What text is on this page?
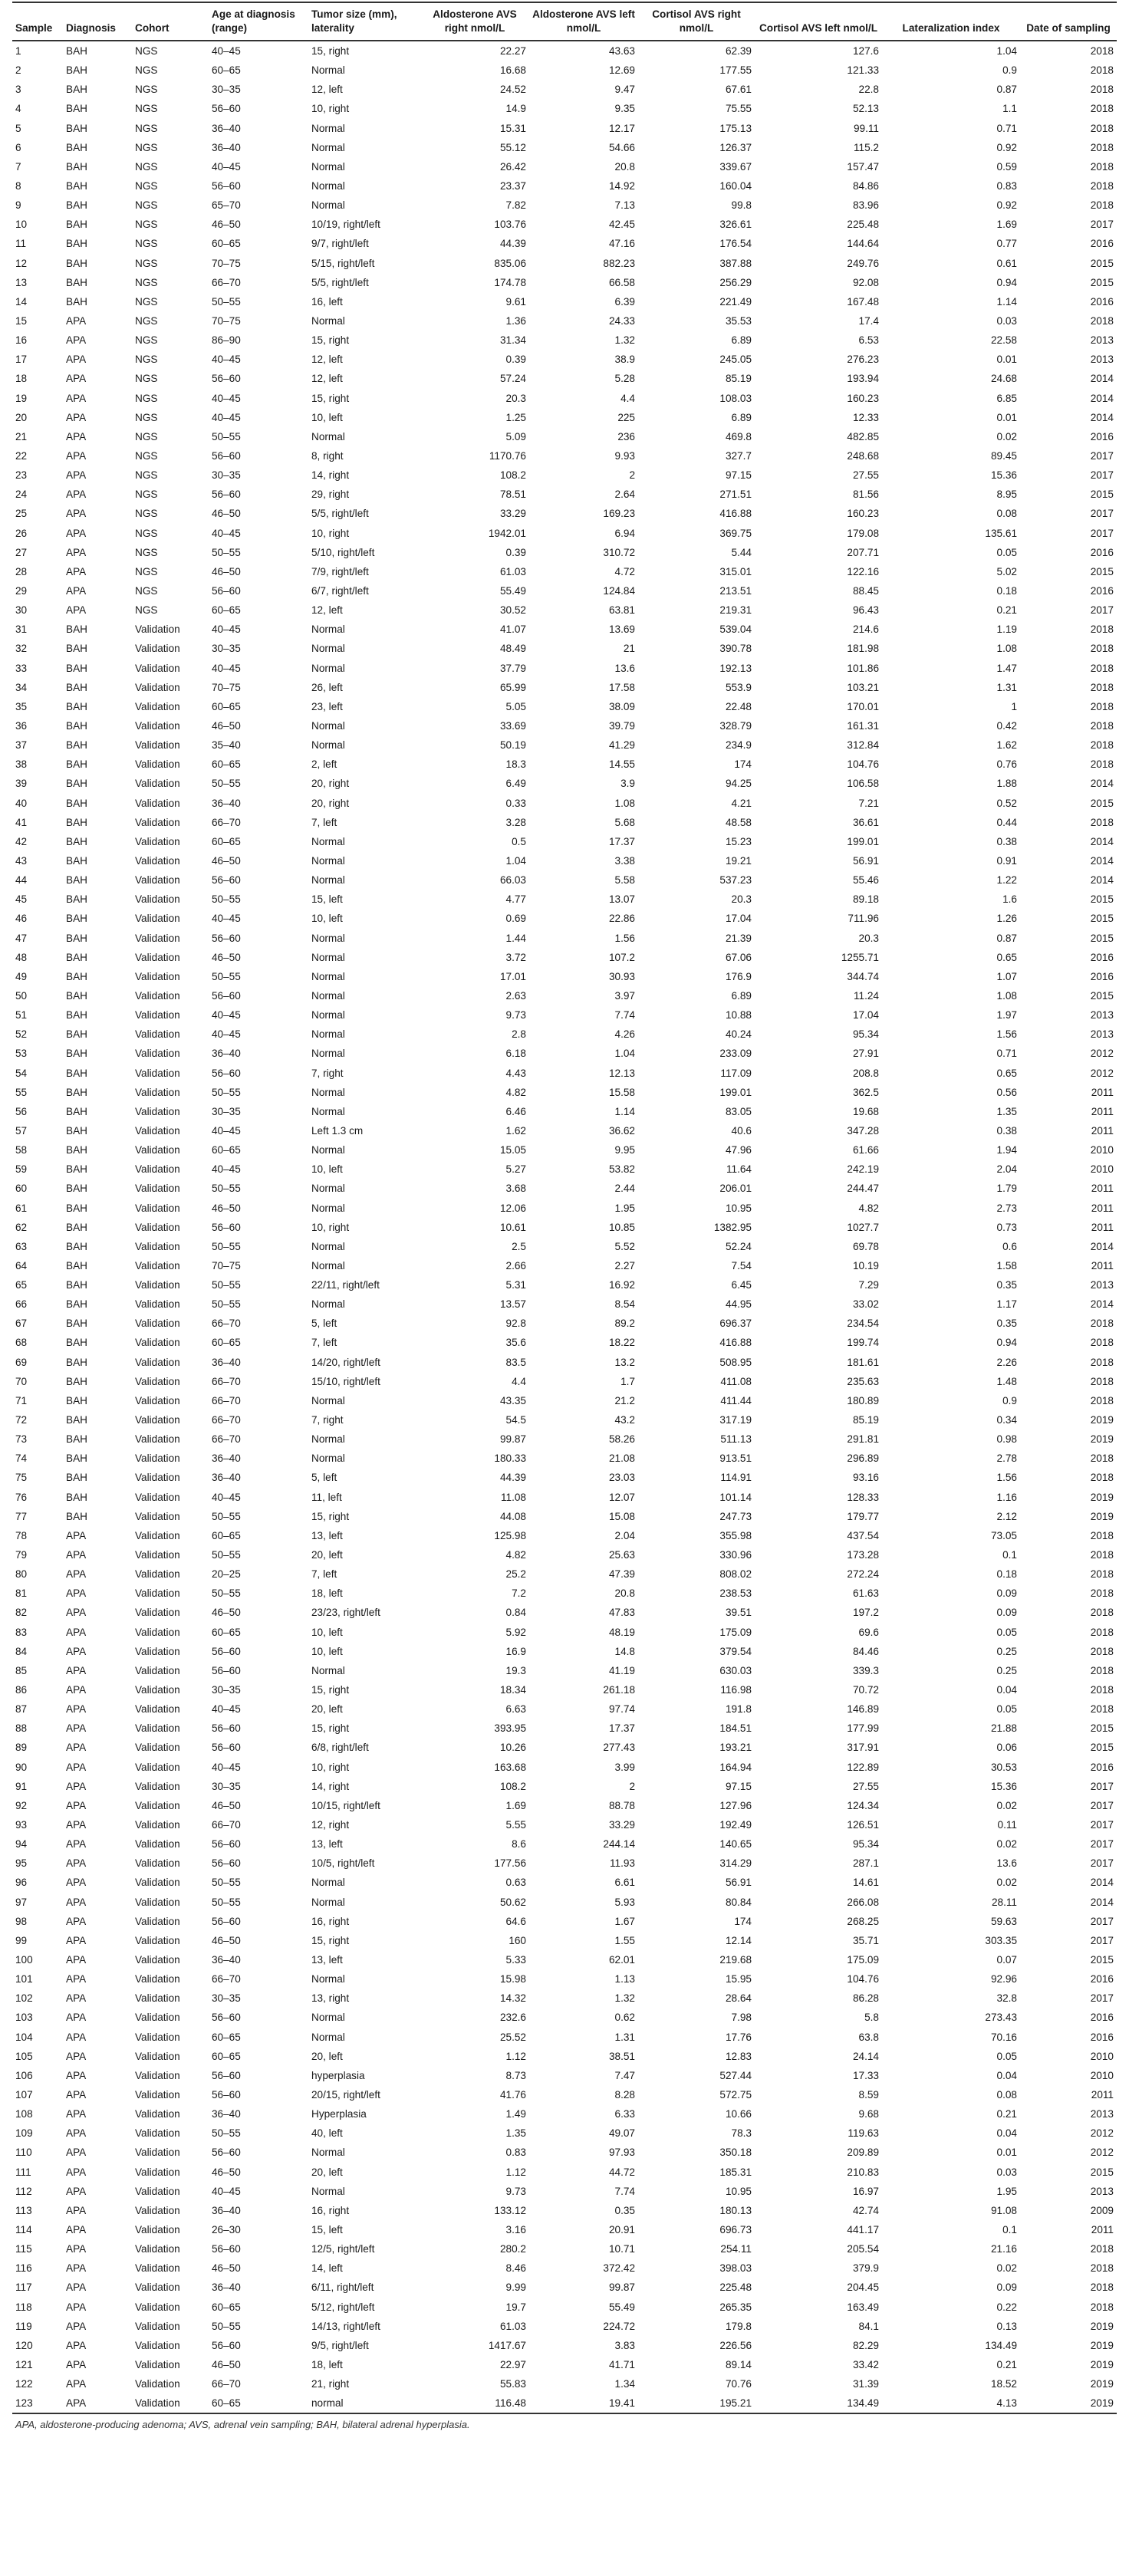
Sample	Diagnosis	Cohort	Age at diagnosis (range)	Tumor size (mm), laterality	Aldosterone AVS right nmol/L	Aldosterone AVS left nmol/L	Cortisol AVS right nmol/L	Cortisol AVS left nmol/L	Lateralization index	Date of sampling
1	BAH	NGS	40–45	15, right	22.27	43.63	62.39	127.6	1.04	2018
2	BAH	NGS	60–65	Normal	16.68	12.69	177.55	121.33	0.9	2018
3	BAH	NGS	30–35	12, left	24.52	9.47	67.61	22.8	0.87	2018
4	BAH	NGS	56–60	10, right	14.9	9.35	75.55	52.13	1.1	2018
5	BAH	NGS	36–40	Normal	15.31	12.17	175.13	99.11	0.71	2018
6	BAH	NGS	36–40	Normal	55.12	54.66	126.37	115.2	0.92	2018
7	BAH	NGS	40–45	Normal	26.42	20.8	339.67	157.47	0.59	2018
8	BAH	NGS	56–60	Normal	23.37	14.92	160.04	84.86	0.83	2018
9	BAH	NGS	65–70	Normal	7.82	7.13	99.8	83.96	0.92	2018
10	BAH	NGS	46–50	10/19, right/left	103.76	42.45	326.61	225.48	1.69	2017
11	BAH	NGS	60–65	9/7, right/left	44.39	47.16	176.54	144.64	0.77	2016
12	BAH	NGS	70–75	5/15, right/left	835.06	882.23	387.88	249.76	0.61	2015
13	BAH	NGS	66–70	5/5, right/left	174.78	66.58	256.29	92.08	0.94	2015
14	BAH	NGS	50–55	16, left	9.61	6.39	221.49	167.48	1.14	2016
15	APA	NGS	70–75	Normal	1.36	24.33	35.53	17.4	0.03	2018
16	APA	NGS	86–90	15, right	31.34	1.32	6.89	6.53	22.58	2013
17	APA	NGS	40–45	12, left	0.39	38.9	245.05	276.23	0.01	2013
18	APA	NGS	56–60	12, left	57.24	5.28	85.19	193.94	24.68	2014
19	APA	NGS	40–45	15, right	20.3	4.4	108.03	160.23	6.85	2014
20	APA	NGS	40–45	10, left	1.25	225	6.89	12.33	0.01	2014
21	APA	NGS	50–55	Normal	5.09	236	469.8	482.85	0.02	2016
22	APA	NGS	56–60	8, right	1170.76	9.93	327.7	248.68	89.45	2017
23	APA	NGS	30–35	14, right	108.2	2	97.15	27.55	15.36	2017
24	APA	NGS	56–60	29, right	78.51	2.64	271.51	81.56	8.95	2015
25	APA	NGS	46–50	5/5, right/left	33.29	169.23	416.88	160.23	0.08	2017
26	APA	NGS	40–45	10, right	1942.01	6.94	369.75	179.08	135.61	2017
27	APA	NGS	50–55	5/10, right/left	0.39	310.72	5.44	207.71	0.05	2016
28	APA	NGS	46–50	7/9, right/left	61.03	4.72	315.01	122.16	5.02	2015
29	APA	NGS	56–60	6/7, right/left	55.49	124.84	213.51	88.45	0.18	2016
30	APA	NGS	60–65	12, left	30.52	63.81	219.31	96.43	0.21	2017
31	BAH	Validation	40–45	Normal	41.07	13.69	539.04	214.6	1.19	2018
32	BAH	Validation	30–35	Normal	48.49	21	390.78	181.98	1.08	2018
33	BAH	Validation	40–45	Normal	37.79	13.6	192.13	101.86	1.47	2018
34	BAH	Validation	70–75	26, left	65.99	17.58	553.9	103.21	1.31	2018
35	BAH	Validation	60–65	23, left	5.05	38.09	22.48	170.01	1	2018
36	BAH	Validation	46–50	Normal	33.69	39.79	328.79	161.31	0.42	2018
37	BAH	Validation	35–40	Normal	50.19	41.29	234.9	312.84	1.62	2018
38	BAH	Validation	60–65	2, left	18.3	14.55	174	104.76	0.76	2018
39	BAH	Validation	50–55	20, right	6.49	3.9	94.25	106.58	1.88	2014
40	BAH	Validation	36–40	20, right	0.33	1.08	4.21	7.21	0.52	2015
41	BAH	Validation	66–70	7, left	3.28	5.68	48.58	36.61	0.44	2018
42	BAH	Validation	60–65	Normal	0.5	17.37	15.23	199.01	0.38	2014
43	BAH	Validation	46–50	Normal	1.04	3.38	19.21	56.91	0.91	2014
44	BAH	Validation	56–60	Normal	66.03	5.58	537.23	55.46	1.22	2014
45	BAH	Validation	50–55	15, left	4.77	13.07	20.3	89.18	1.6	2015
46	BAH	Validation	40–45	10, left	0.69	22.86	17.04	711.96	1.26	2015
47	BAH	Validation	56–60	Normal	1.44	1.56	21.39	20.3	0.87	2015
48	BAH	Validation	46–50	Normal	3.72	107.2	67.06	1255.71	0.65	2016
49	BAH	Validation	50–55	Normal	17.01	30.93	176.9	344.74	1.07	2016
50	BAH	Validation	56–60	Normal	2.63	3.97	6.89	11.24	1.08	2015
51	BAH	Validation	40–45	Normal	9.73	7.74	10.88	17.04	1.97	2013
52	BAH	Validation	40–45	Normal	2.8	4.26	40.24	95.34	1.56	2013
53	BAH	Validation	36–40	Normal	6.18	1.04	233.09	27.91	0.71	2012
54	BAH	Validation	56–60	7, right	4.43	12.13	117.09	208.8	0.65	2012
55	BAH	Validation	50–55	Normal	4.82	15.58	199.01	362.5	0.56	2011
56	BAH	Validation	30–35	Normal	6.46	1.14	83.05	19.68	1.35	2011
57	BAH	Validation	40–45	Left 1.3 cm	1.62	36.62	40.6	347.28	0.38	2011
58	BAH	Validation	60–65	Normal	15.05	9.95	47.96	61.66	1.94	2010
59	BAH	Validation	40–45	10, left	5.27	53.82	11.64	242.19	2.04	2010
60	BAH	Validation	50–55	Normal	3.68	2.44	206.01	244.47	1.79	2011
61	BAH	Validation	46–50	Normal	12.06	1.95	10.95	4.82	2.73	2011
62	BAH	Validation	56–60	10, right	10.61	10.85	1382.95	1027.7	0.73	2011
63	BAH	Validation	50–55	Normal	2.5	5.52	52.24	69.78	0.6	2014
64	BAH	Validation	70–75	Normal	2.66	2.27	7.54	10.19	1.58	2011
65	BAH	Validation	50–55	22/11, right/left	5.31	16.92	6.45	7.29	0.35	2013
66	BAH	Validation	50–55	Normal	13.57	8.54	44.95	33.02	1.17	2014
67	BAH	Validation	66–70	5, left	92.8	89.2	696.37	234.54	0.35	2018
68	BAH	Validation	60–65	7, left	35.6	18.22	416.88	199.74	0.94	2018
69	BAH	Validation	36–40	14/20, right/left	83.5	13.2	508.95	181.61	2.26	2018
70	BAH	Validation	66–70	15/10, right/left	4.4	1.7	411.08	235.63	1.48	2018
71	BAH	Validation	66–70	Normal	43.35	21.2	411.44	180.89	0.9	2018
72	BAH	Validation	66–70	7, right	54.5	43.2	317.19	85.19	0.34	2019
73	BAH	Validation	66–70	Normal	99.87	58.26	511.13	291.81	0.98	2019
74	BAH	Validation	36–40	Normal	180.33	21.08	913.51	296.89	2.78	2018
75	BAH	Validation	36–40	5, left	44.39	23.03	114.91	93.16	1.56	2018
76	BAH	Validation	40–45	11, left	11.08	12.07	101.14	128.33	1.16	2019
77	BAH	Validation	50–55	15, right	44.08	15.08	247.73	179.77	2.12	2019
78	APA	Validation	60–65	13, left	125.98	2.04	355.98	437.54	73.05	2018
79	APA	Validation	50–55	20, left	4.82	25.63	330.96	173.28	0.1	2018
80	APA	Validation	20–25	7, left	25.2	47.39	808.02	272.24	0.18	2018
81	APA	Validation	50–55	18, left	7.2	20.8	238.53	61.63	0.09	2018
82	APA	Validation	46–50	23/23, right/left	0.84	47.83	39.51	197.2	0.09	2018
83	APA	Validation	60–65	10, left	5.92	48.19	175.09	69.6	0.05	2018
84	APA	Validation	56–60	10, left	16.9	14.8	379.54	84.46	0.25	2018
85	APA	Validation	56–60	Normal	19.3	41.19	630.03	339.3	0.25	2018
86	APA	Validation	30–35	15, right	18.34	261.18	116.98	70.72	0.04	2018
87	APA	Validation	40–45	20, left	6.63	97.74	191.8	146.89	0.05	2018
88	APA	Validation	56–60	15, right	393.95	17.37	184.51	177.99	21.88	2015
89	APA	Validation	56–60	6/8, right/left	10.26	277.43	193.21	317.91	0.06	2015
90	APA	Validation	40–45	10, right	163.68	3.99	164.94	122.89	30.53	2016
91	APA	Validation	30–35	14, right	108.2	2	97.15	27.55	15.36	2017
92	APA	Validation	46–50	10/15, right/left	1.69	88.78	127.96	124.34	0.02	2017
93	APA	Validation	66–70	12, right	5.55	33.29	192.49	126.51	0.11	2017
94	APA	Validation	56–60	13, left	8.6	244.14	140.65	95.34	0.02	2017
95	APA	Validation	56–60	10/5, right/left	177.56	11.93	314.29	287.1	13.6	2017
96	APA	Validation	50–55	Normal	0.63	6.61	56.91	14.61	0.02	2014
97	APA	Validation	50–55	Normal	50.62	5.93	80.84	266.08	28.11	2014
98	APA	Validation	56–60	16, right	64.6	1.67	174	268.25	59.63	2017
99	APA	Validation	46–50	15, right	160	1.55	12.14	35.71	303.35	2017
100	APA	Validation	36–40	13, left	5.33	62.01	219.68	175.09	0.07	2015
101	APA	Validation	66–70	Normal	15.98	1.13	15.95	104.76	92.96	2016
102	APA	Validation	30–35	13, right	14.32	1.32	28.64	86.28	32.8	2017
103	APA	Validation	56–60	Normal	232.6	0.62	7.98	5.8	273.43	2016
104	APA	Validation	60–65	Normal	25.52	1.31	17.76	63.8	70.16	2016
105	APA	Validation	60–65	20, left	1.12	38.51	12.83	24.14	0.05	2010
106	APA	Validation	56–60	hyperplasia	8.73	7.47	527.44	17.33	0.04	2010
107	APA	Validation	56–60	20/15, right/left	41.76	8.28	572.75	8.59	0.08	2011
108	APA	Validation	36–40	Hyperplasia	1.49	6.33	10.66	9.68	0.21	2013
109	APA	Validation	50–55	40, left	1.35	49.07	78.3	119.63	0.04	2012
110	APA	Validation	56–60	Normal	0.83	97.93	350.18	209.89	0.01	2012
111	APA	Validation	46–50	20, left	1.12	44.72	185.31	210.83	0.03	2015
112	APA	Validation	40–45	Normal	9.73	7.74	10.95	16.97	1.95	2013
113	APA	Validation	36–40	16, right	133.12	0.35	180.13	42.74	91.08	2009
114	APA	Validation	26–30	15, left	3.16	20.91	696.73	441.17	0.1	2011
115	APA	Validation	56–60	12/5, right/left	280.2	10.71	254.11	205.54	21.16	2018
116	APA	Validation	46–50	14, left	8.46	372.42	398.03	379.9	0.02	2018
117	APA	Validation	36–40	6/11, right/left	9.99	99.87	225.48	204.45	0.09	2018
118	APA	Validation	60–65	5/12, right/left	19.7	55.49	265.35	163.49	0.22	2018
119	APA	Validation	50–55	14/13, right/left	61.03	224.72	179.8	84.1	0.13	2019
120	APA	Validation	56–60	9/5, right/left	1417.67	3.83	226.56	82.29	134.49	2019
121	APA	Validation	46–50	18, left	22.97	41.71	89.14	33.42	0.21	2019
122	APA	Validation	66–70	21, right	55.83	1.34	70.76	31.39	18.52	2019
123	APA	Validation	60–65	normal	116.48	19.41	195.21	134.49	4.13	2019
APA, aldosterone-producing adenoma; AVS, adrenal vein sampling; BAH, bilateral adrenal hyperplasia.
